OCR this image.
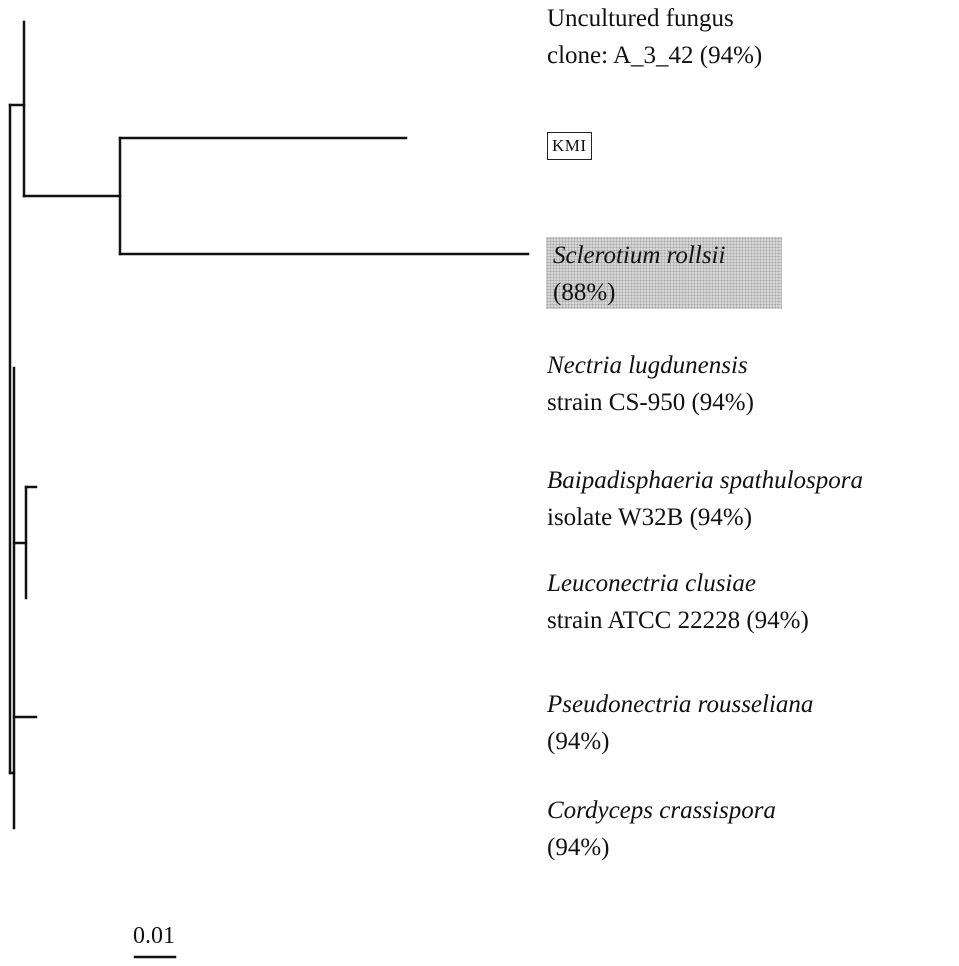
Uncultured fungus
clone: A_3_42 (94%)
KMI
Sclerotium rollsii
(88%)
Nectria lugdunensis
strain CS-950 (94%)
Baipadisphaeria spathulospora
isolate W32B (94%)
Leuconectria clusiae
strain ATCC 22228 (94%)
Pseudonectria rousseliana
(94%)
Cordyceps crassispora
(94%)
0.01
